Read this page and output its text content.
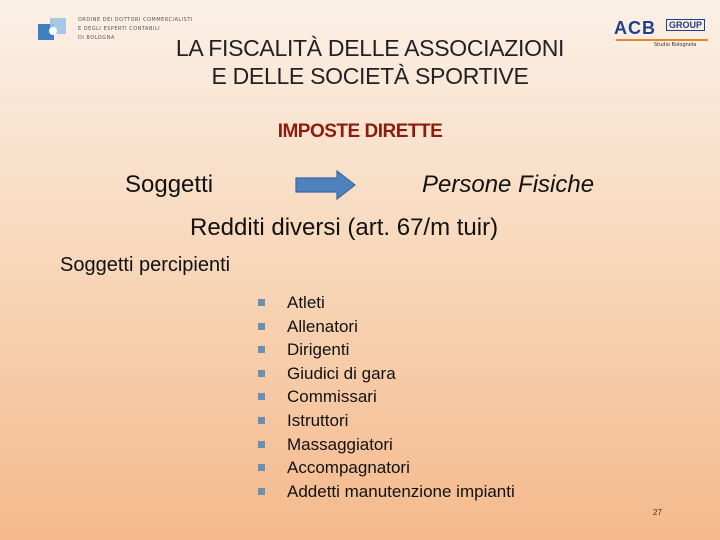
ORDINE DEI DOTTORI COMMERCIALISTI
E DEGLI ESPERTI CONTABILI
DI BOLOGNA	ACB	GROUP
Studio Bolognola
LA FISCALITÀ DELLE ASSOCIAZIONI
E DELLE SOCIETÀ SPORTIVE
IMPOSTE DIRETTE
Soggetti	Persone Fisiche
Redditi diversi (art. 67/m tuir)
Soggetti percipienti
Atleti
Allenatori
Dirigenti
Giudici di gara
Commissari
Istruttori
Massaggiatori
Accompagnatori
Addetti manutenzione impianti
27
